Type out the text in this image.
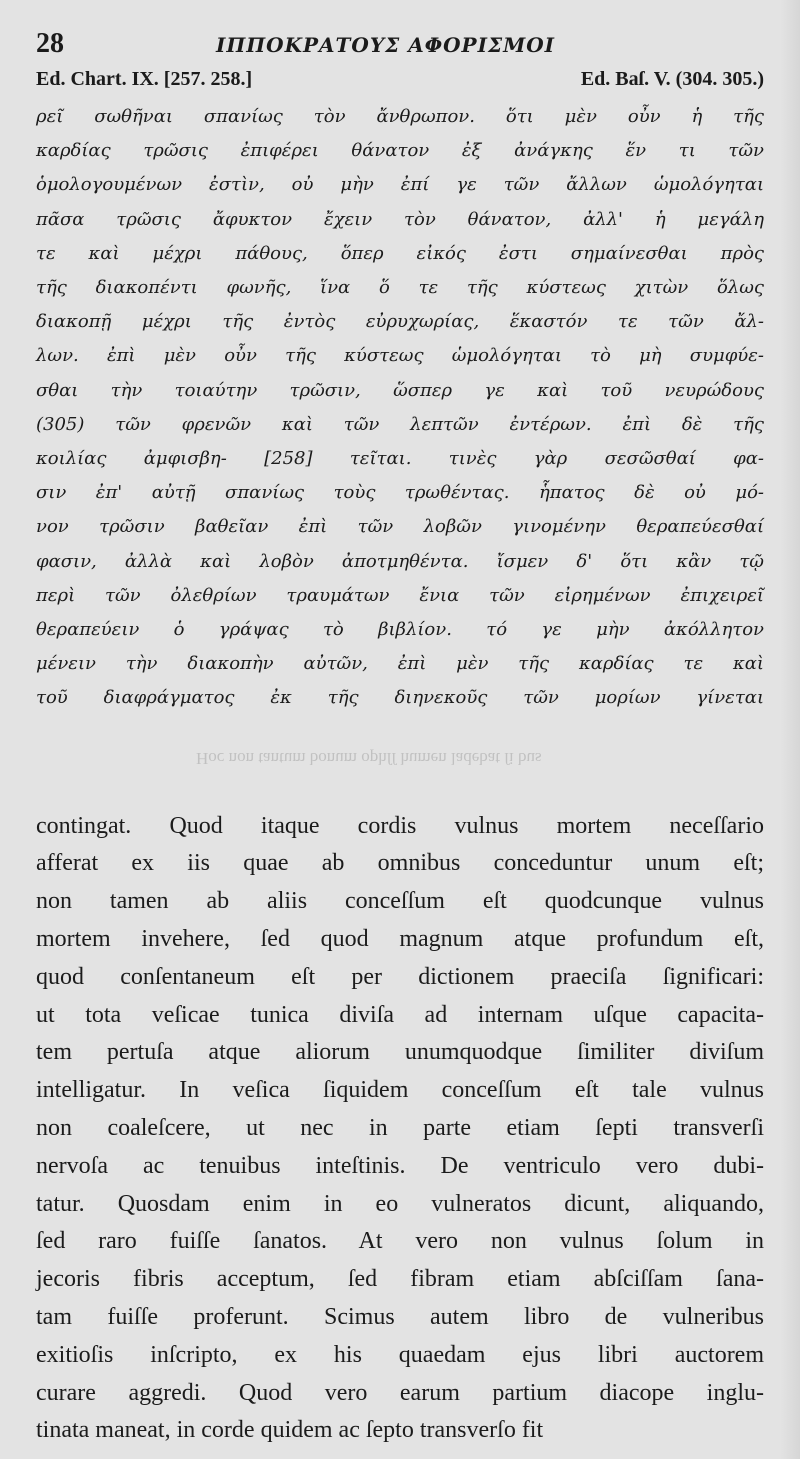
28	ΙΠΠΟΚΡΑΤΟΥΣ ΑΦΟΡΙΣΜΟΙ
Ed. Chart. IX. [257. 258.]	Ed. Baſ. V. (304. 305.)
ρεῖ σωθῆναι σπανίως τὸν ἄνθρωπον. ὅτι μὲν οὖν ἡ τῆς
καρδίας τρῶσις ἐπιφέρει θάνατον ἐξ ἀνάγκης ἕν τι τῶν
ὁμολογουμένων ἐστὶν, οὐ μὴν ἐπί γε τῶν ἄλλων ὡμολόγηται
πᾶσα τρῶσις ἄφυκτον ἔχειν τὸν θάνατον, ἀλλ' ἡ μεγάλη
τε καὶ μέχρι πάθους, ὅπερ εἰκός ἐστι σημαίνεσθαι πρὸς
τῆς διακοπέντι φωνῆς, ἵνα ὅ τε τῆς κύστεως χιτὼν ὅλως
διακοπῇ μέχρι τῆς ἐντὸς εὐρυχωρίας, ἕκαστόν τε τῶν ἄλ-
λων. ἐπὶ μὲν οὖν τῆς κύστεως ὡμολόγηται τὸ μὴ συμφύε-
σθαι τὴν τοιαύτην τρῶσιν, ὥσπερ γε καὶ τοῦ νευρώδους
(305) τῶν φρενῶν καὶ τῶν λεπτῶν ἐντέρων. ἐπὶ δὲ τῆς
κοιλίας ἀμφισβη- [258] τεῖται. τινὲς γὰρ σεσῶσθαί φα-
σιν ἐπ' αὐτῇ σπανίως τοὺς τρωθέντας. ἧπατος δὲ οὐ μό-
νον τρῶσιν βαθεῖαν ἐπὶ τῶν λοβῶν γινομένην θεραπεύεσθαί
φασιν, ἀλλὰ καὶ λοβὸν ἀποτμηθέντα. ἴσμεν δ' ὅτι κἂν τῷ
περὶ τῶν ὀλεθρίων τραυμάτων ἔνια τῶν εἰρημένων ἐπιχειρεῖ
θεραπεύειν ὁ γράψας τὸ βιβλίον. τό γε μὴν ἀκόλλητον
μένειν τὴν διακοπὴν αὐτῶν, ἐπὶ μὲν τῆς καρδίας τε καὶ
τοῦ διαφράγματος ἐκ τῆς διηνεκοῦς τῶν μορίων γίνεται
Hoc non tantum bonum ophſſ humen ladebat ſi bus
contingat. Quod itaque cordis vulnus mortem neceſſario
afferat ex iis quae ab omnibus conceduntur unum eſt;
non tamen ab aliis conceſſum eſt quodcunque vulnus
mortem invehere, ſed quod magnum atque profundum eſt,
quod conſentaneum eſt per dictionem praeciſa ſignificari:
ut tota veſicae tunica diviſa ad internam uſque capacita-
tem pertuſa atque aliorum unumquodque ſimiliter diviſum
intelligatur. In veſica ſiquidem conceſſum eſt tale vulnus
non coaleſcere, ut nec in parte etiam ſepti transverſi
nervoſa ac tenuibus inteſtinis. De ventriculo vero dubi-
tatur. Quosdam enim in eo vulneratos dicunt, aliquando,
ſed raro fuiſſe ſanatos. At vero non vulnus ſolum in
jecoris fibris acceptum, ſed fibram etiam abſciſſam ſana-
tam fuiſſe proferunt. Scimus autem libro de vulneribus
exitioſis inſcripto, ex his quaedam ejus libri auctorem
curare aggredi. Quod vero earum partium diacope inglu-
tinata maneat, in corde quidem ac ſepto transverſo fit
